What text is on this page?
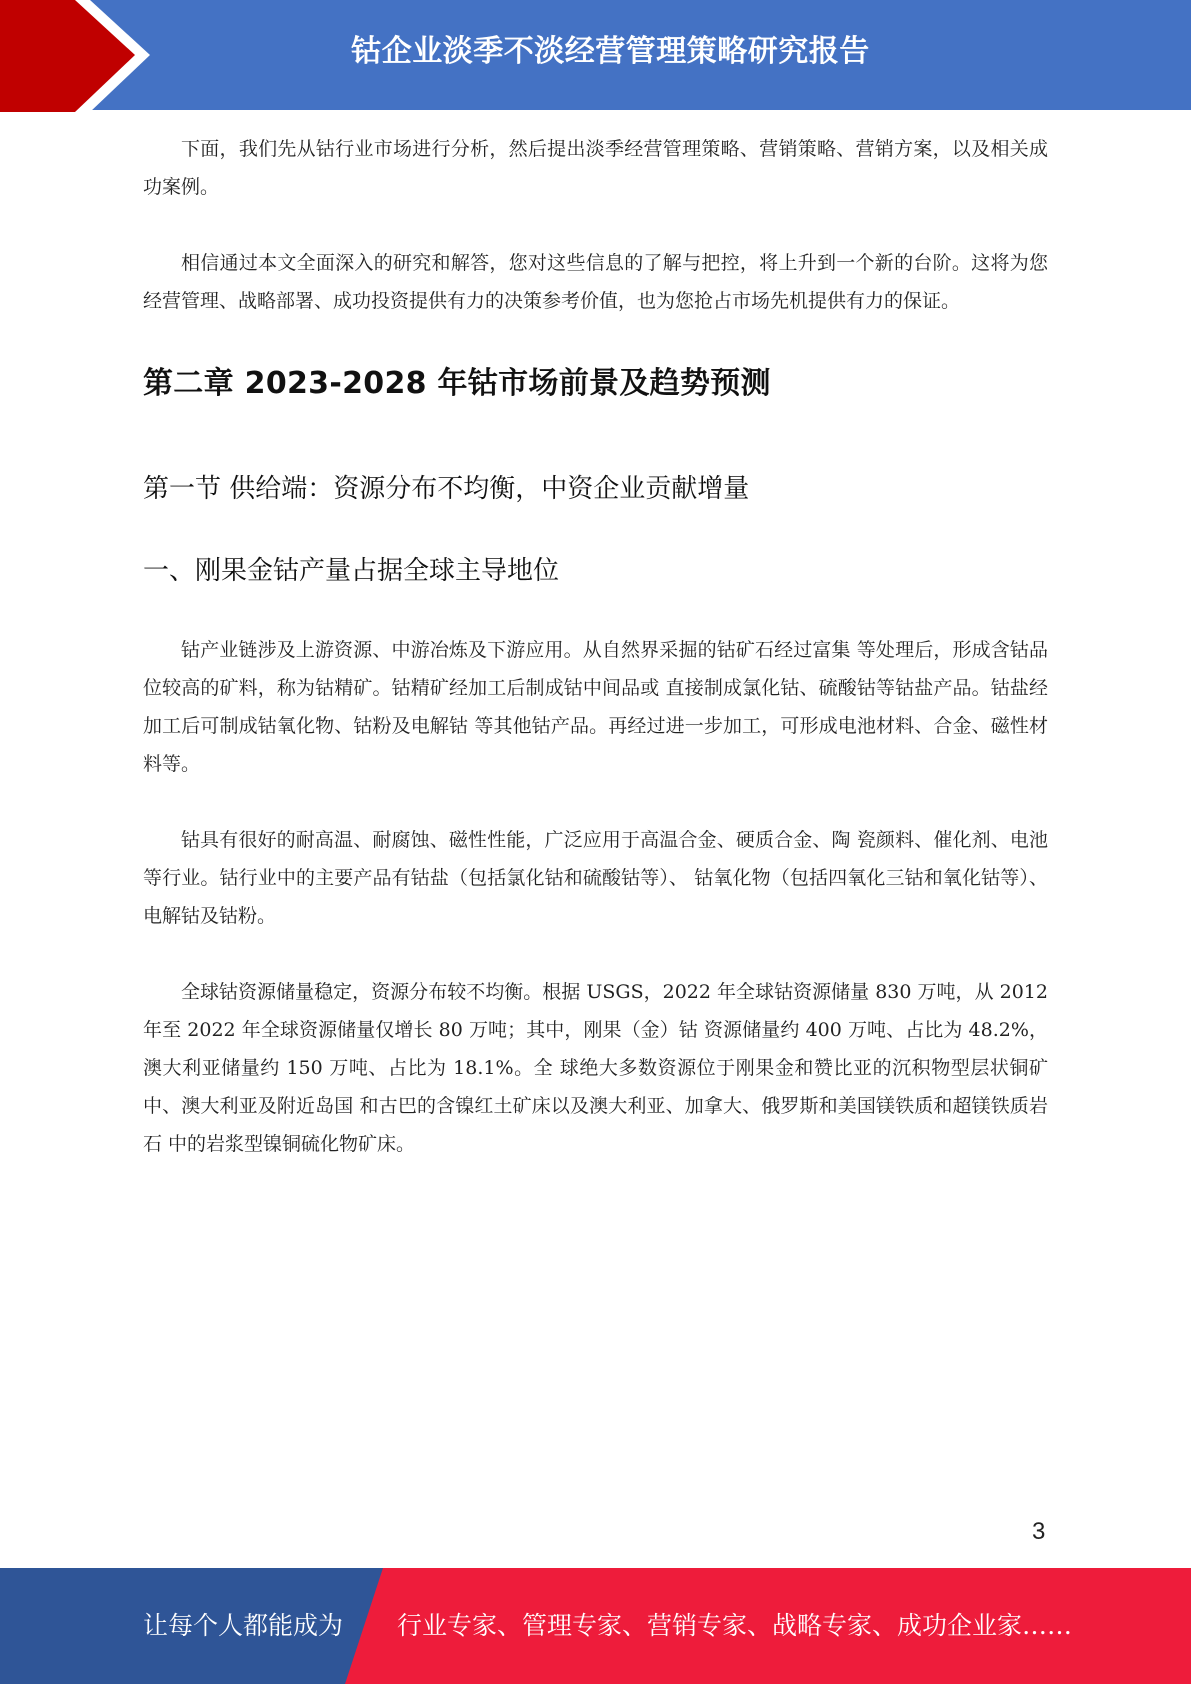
钴企业淡季不淡经营管理策略研究报告

下面，我们先从钴行业市场进行分析，然后提出淡季经营管理策略、营销策略、营销方案，以及相关成功案例。

相信通过本文全面深入的研究和解答，您对这些信息的了解与把控，将上升到一个新的台阶。这将为您经营管理、战略部署、成功投资提供有力的决策参考价值，也为您抢占市场先机提供有力的保证。

第二章 2023-2028 年钴市场前景及趋势预测
第一节 供给端：资源分布不均衡，中资企业贡献增量
一、刚果金钴产量占据全球主导地位

钴产业链涉及上游资源、中游冶炼及下游应用。从自然界采掘的钴矿石经过富集 等处理后，形成含钴品位较高的矿料，称为钴精矿。钴精矿经加工后制成钴中间品或 直接制成氯化钴、硫酸钴等钴盐产品。钴盐经加工后可制成钴氧化物、钴粉及电解钴 等其他钴产品。再经过进一步加工，可形成电池材料、合金、磁性材料等。

钴具有很好的耐高温、耐腐蚀、磁性性能，广泛应用于高温合金、硬质合金、陶 瓷颜料、催化剂、电池等行业。钴行业中的主要产品有钴盐（包括氯化钴和硫酸钴等）、 钴氧化物（包括四氧化三钴和氧化钴等）、电解钴及钴粉。

全球钴资源储量稳定，资源分布较不均衡。根据 USGS，2022 年全球钴资源储量 830 万吨，从 2012 年至 2022 年全球资源储量仅增长 80 万吨；其中，刚果（金）钴 资源储量约 400 万吨、占比为 48.2%，澳大利亚储量约 150 万吨、占比为 18.1%。全 球绝大多数资源位于刚果金和赞比亚的沉积物型层状铜矿中、澳大利亚及附近岛国 和古巴的含镍红土矿床以及澳大利亚、加拿大、俄罗斯和美国镁铁质和超镁铁质岩石 中的岩浆型镍铜硫化物矿床。

3
让每个人都能成为 行业专家、管理专家、营销专家、战略专家、成功企业家……
